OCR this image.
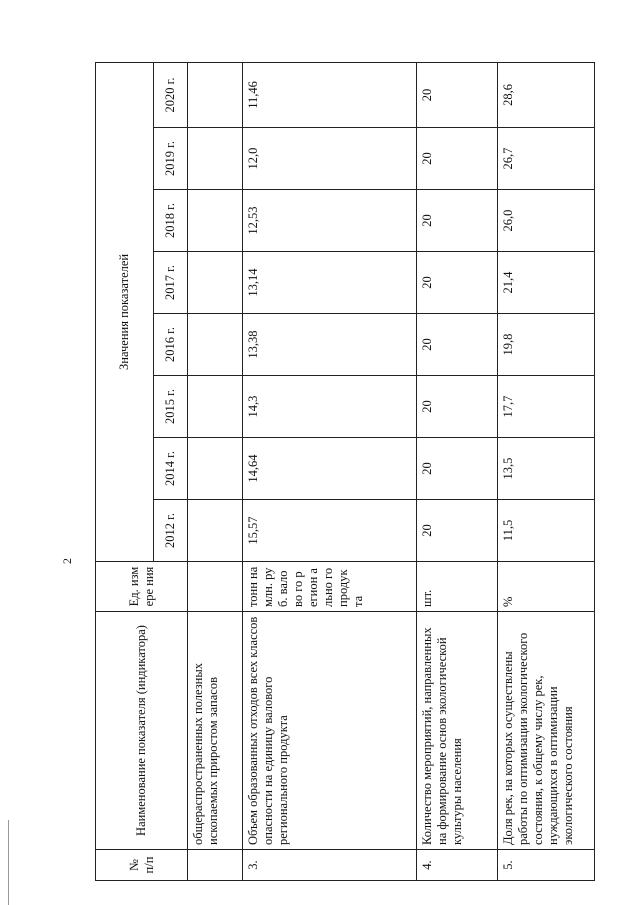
2
№ п/п	Наименование показателя (индикатора)	Ед. измере ния	Значения показателей							
			2012 г.	2014 г.	2015 г.	2016 г.	2017 г.	2018 г.	2019 г.	2020 г.
	общераспространенных полезных ископаемых приростом запасов									
3.	Объем образованных отходов всех классов опасности на единицу валового регионального продукта	тонн на млн. руб. валово го регион ально го продук та	15,57	14,64	14,3	13,38	13,14	12,53	12,0	11,46
4.	Количество мероприятий, направленных на формирование основ экологической культуры населения	шт.	20	20	20	20	20	20	20	20
5.	Доля рек, на которых осуществлены работы по оптимизации экологического состояния, к общему числу рек, нуждающихся в оптимизации экологического состояния	%	11,5	13,5	17,7	19,8	21,4	26,0	26,7	28,6
